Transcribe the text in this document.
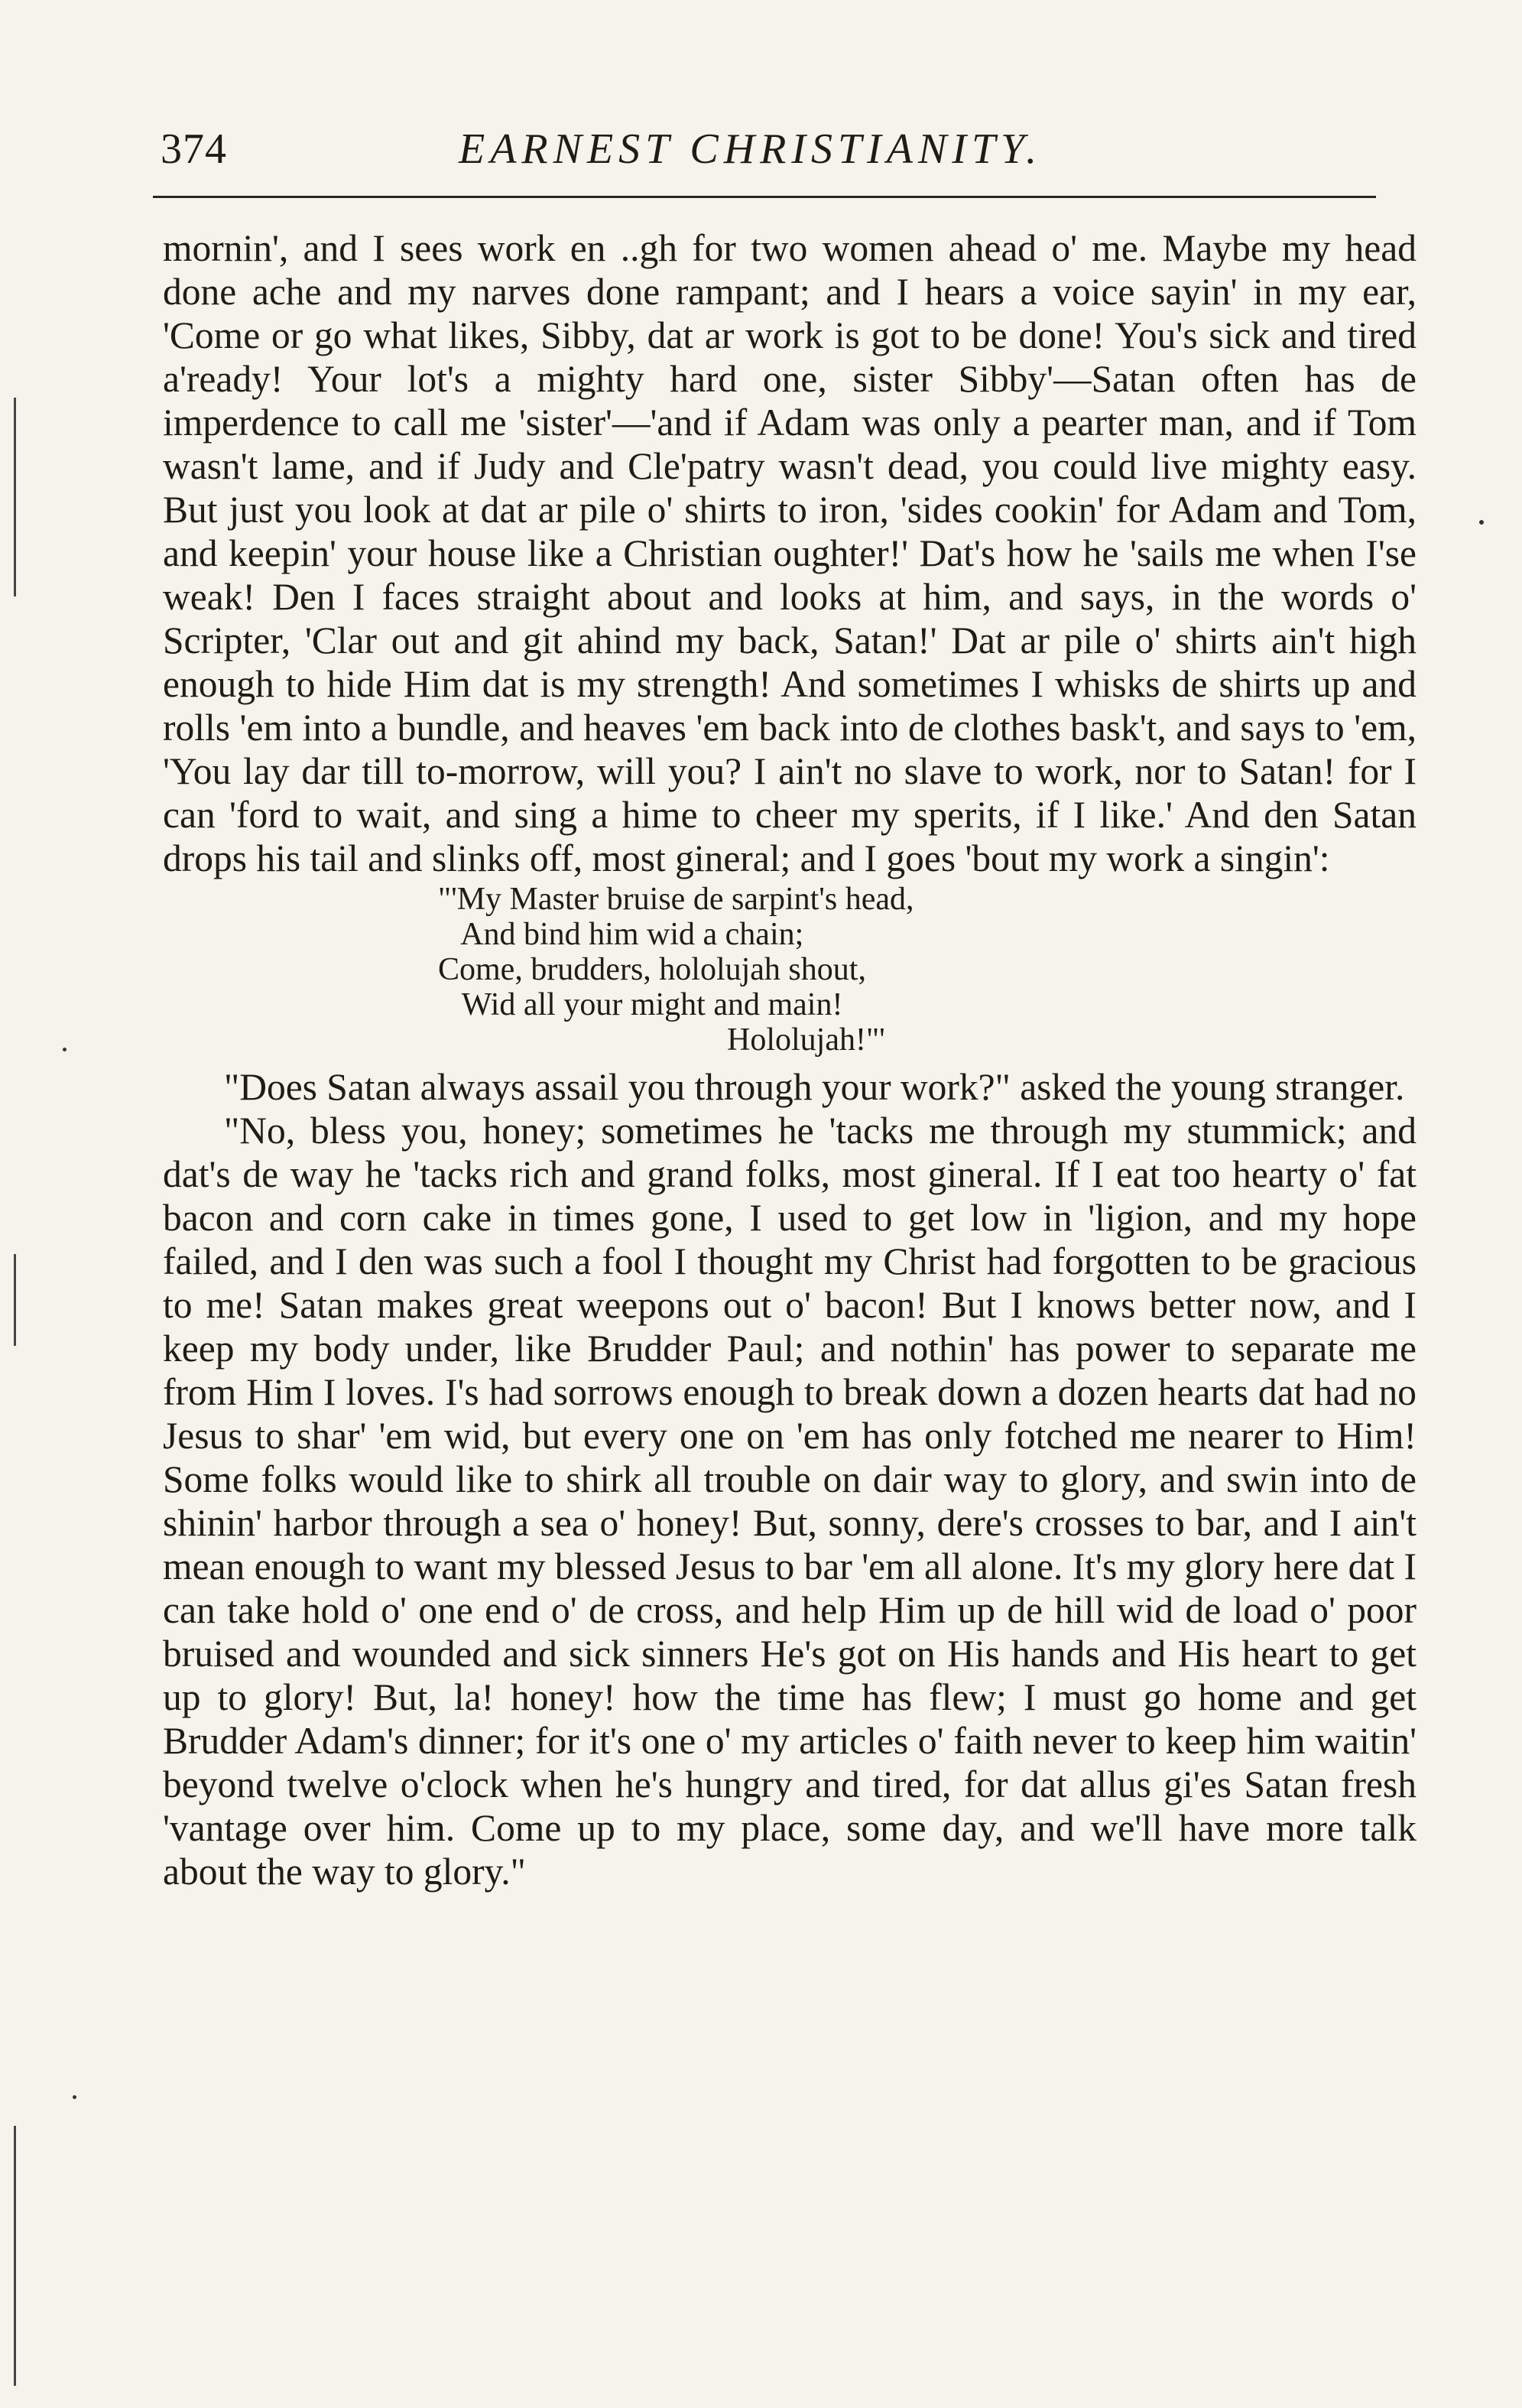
374	EARNEST CHRISTIANITY.

mornin', and I sees work en ..gh for two women ahead o' me. Maybe my head done ache and my narves done rampant; and I hears a voice sayin' in my ear, 'Come or go what likes, Sibby, dat ar work is got to be done! You's sick and tired a'ready! Your lot's a mighty hard one, sister Sibby'—Satan often has de imperdence to call me 'sister'—'and if Adam was only a pearter man, and if Tom wasn't lame, and if Judy and Cle'patry wasn't dead, you could live mighty easy. But just you look at dat ar pile o' shirts to iron, 'sides cookin' for Adam and Tom, and keepin' your house like a Christian oughter!' Dat's how he 'sails me when I'se weak! Den I faces straight about and looks at him, and says, in the words o' Scripter, 'Clar out and git ahind my back, Satan!' Dat ar pile o' shirts ain't high enough to hide Him dat is my strength! And sometimes I whisks de shirts up and rolls 'em into a bundle, and heaves 'em back into de clothes bask't, and says to 'em, 'You lay dar till to-morrow, will you? I ain't no slave to work, nor to Satan! for I can 'ford to wait, and sing a hime to cheer my sperits, if I like.' And den Satan drops his tail and slinks off, most gineral; and I goes 'bout my work a singin':

"'My Master bruise de sarpint's head,
And bind him wid a chain;
Come, brudders, hololujah shout,
Wid all your might and main!
Hololujah!"'

"Does Satan always assail you through your work?" asked the young stranger.

"No, bless you, honey; sometimes he 'tacks me through my stummick; and dat's de way he 'tacks rich and grand folks, most gineral. If I eat too hearty o' fat bacon and corn cake in times gone, I used to get low in 'ligion, and my hope failed, and I den was such a fool I thought my Christ had forgotten to be gracious to me! Satan makes great weepons out o' bacon! But I knows better now, and I keep my body under, like Brudder Paul; and nothin' has power to separate me from Him I loves. I's had sorrows enough to break down a dozen hearts dat had no Jesus to shar' 'em wid, but every one on 'em has only fotched me nearer to Him! Some folks would like to shirk all trouble on dair way to glory, and swin into de shinin' harbor through a sea o' honey! But, sonny, dere's crosses to bar, and I ain't mean enough to want my blessed Jesus to bar 'em all alone. It's my glory here dat I can take hold o' one end o' de cross, and help Him up de hill wid de load o' poor bruised and wounded and sick sinners He's got on His hands and His heart to get up to glory! But, la! honey! how the time has flew; I must go home and get Brudder Adam's dinner; for it's one o' my articles o' faith never to keep him waitin' beyond twelve o'clock when he's hungry and tired, for dat allus gi'es Satan fresh 'vantage over him. Come up to my place, some day, and we'll have more talk about the way to glory."
